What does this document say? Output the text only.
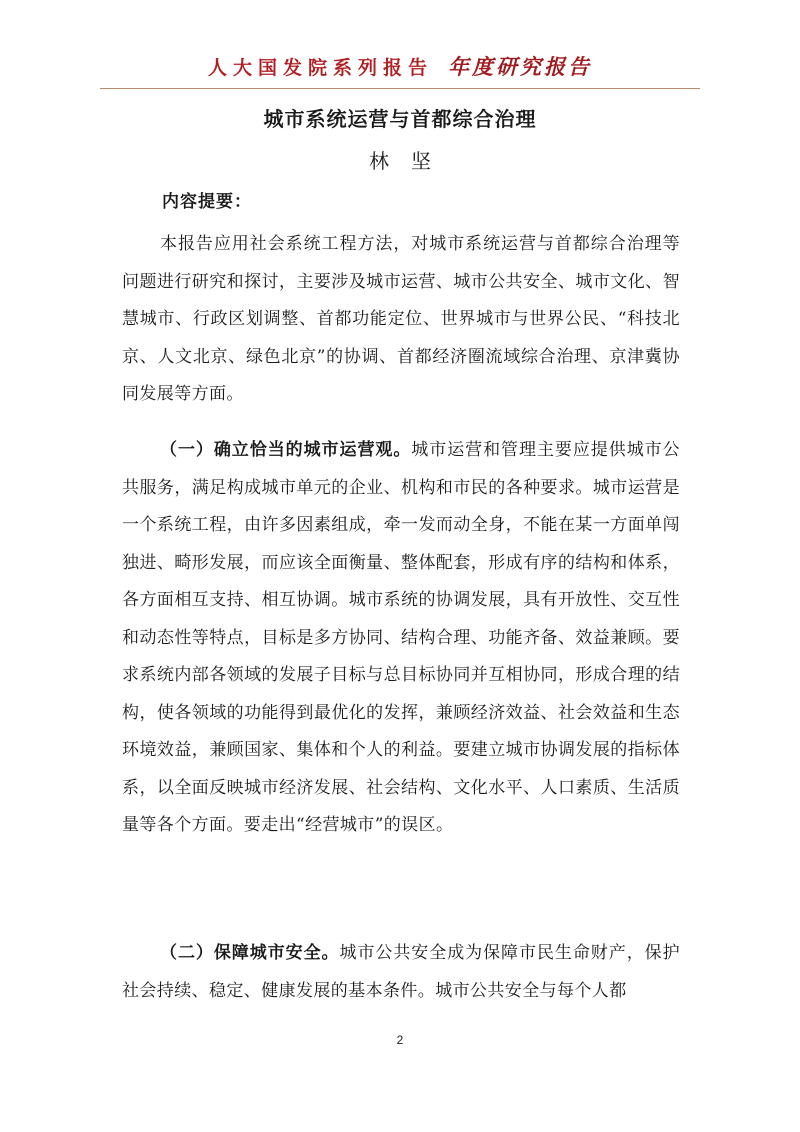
人大国发院系列报告 年度研究报告
城市系统运营与首都综合治理
林坚
内容提要：

本报告应用社会系统工程方法，对城市系统运营与首都综合治理等问题进行研究和探讨，主要涉及城市运营、城市公共安全、城市文化、智慧城市、行政区划调整、首都功能定位、世界城市与世界公民、“科技北京、人文北京、绿色北京”的协调、首都经济圈流域综合治理、京津冀协同发展等方面。

（一）确立恰当的城市运营观。城市运营和管理主要应提供城市公共服务，满足构成城市单元的企业、机构和市民的各种要求。城市运营是一个系统工程，由许多因素组成，牵一发而动全身，不能在某一方面单闯独进、畸形发展，而应该全面衡量、整体配套，形成有序的结构和体系，各方面相互支持、相互协调。城市系统的协调发展，具有开放性、交互性和动态性等特点，目标是多方协同、结构合理、功能齐备、效益兼顾。要求系统内部各领域的发展子目标与总目标协同并互相协同，形成合理的结构，使各领域的功能得到最优化的发挥，兼顾经济效益、社会效益和生态环境效益，兼顾国家、集体和个人的利益。要建立城市协调发展的指标体系，以全面反映城市经济发展、社会结构、文化水平、人口素质、生活质量等各个方面。要走出“经营城市”的误区。

（二）保障城市安全。城市公共安全成为保障市民生命财产，保护社会持续、稳定、健康发展的基本条件。城市公共安全与每个人都

2
